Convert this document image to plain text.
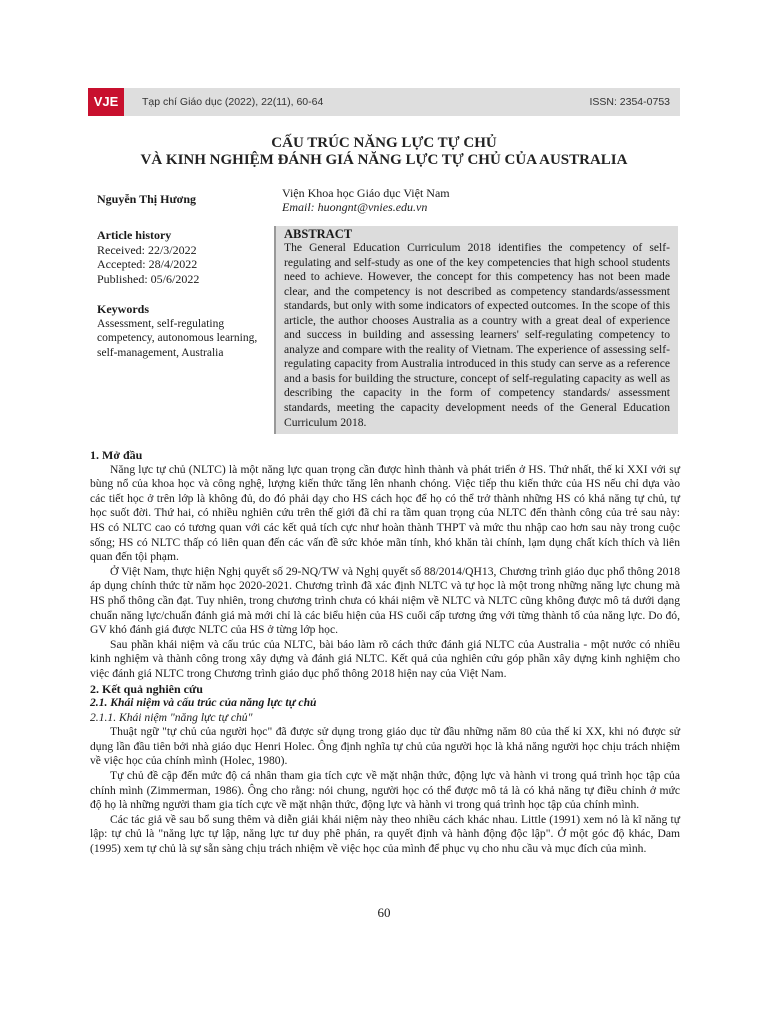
VJE	Tạp chí Giáo dục (2022), 22(11), 60-64	ISSN: 2354-0753
CẤU TRÚC NĂNG LỰC TỰ CHỦ
VÀ KINH NGHIỆM ĐÁNH GIÁ NĂNG LỰC TỰ CHỦ CỦA AUSTRALIA
Nguyễn Thị Hương	Viện Khoa học Giáo dục Việt Nam
Email: huongnt@vnies.edu.vn
Article history
Received: 22/3/2022
Accepted: 28/4/2022
Published: 05/6/2022
Keywords
Assessment, self-regulating competency, autonomous learning, self-management, Australia
ABSTRACT
The General Education Curriculum 2018 identifies the competency of self-regulating and self-study as one of the key competencies that high school students need to achieve. However, the concept for this competency has not been made clear, and the competency is not described as competency standards/assessment standards, but only with some indicators of expected outcomes. In the scope of this article, the author chooses Australia as a country with a great deal of experience and success in building and assessing learners' self-regulating competency to analyze and compare with the reality of Vietnam. The experience of assessing self-regulating capacity from Australia introduced in this study can serve as a reference and a basis for building the structure, concept of self-regulating capacity as well as describing the capacity in the form of competency standards/ assessment standards, meeting the capacity development needs of the General Education Curriculum 2018.

1. Mở đầu

Năng lực tự chủ (NLTC) là một năng lực quan trọng cần được hình thành và phát triển ở HS. Thứ nhất, thế kỉ XXI với sự bùng nổ của khoa học và công nghệ, lượng kiến thức tăng lên nhanh chóng. Việc tiếp thu kiến thức của HS nếu chỉ dựa vào các tiết học ở trên lớp là không đủ, do đó phải dạy cho HS cách học để họ có thể trở thành những HS có khả năng tự chủ, tự học suốt đời. Thứ hai, có nhiều nghiên cứu trên thế giới đã chỉ ra tầm quan trọng của NLTC đến thành công của trẻ sau này: HS có NLTC cao có tương quan với các kết quả tích cực như hoàn thành THPT và mức thu nhập cao hơn sau này trong cuộc sống; HS có NLTC thấp có liên quan đến các vấn đề sức khỏe mãn tính, khó khăn tài chính, lạm dụng chất kích thích và liên quan đến tội phạm.

Ở Việt Nam, thực hiện Nghị quyết số 29-NQ/TW và Nghị quyết số 88/2014/QH13, Chương trình giáo dục phổ thông 2018 áp dụng chính thức từ năm học 2020-2021. Chương trình đã xác định NLTC và tự học là một trong những năng lực chung mà HS phổ thông cần đạt. Tuy nhiên, trong chương trình chưa có khái niệm về NLTC và NLTC cũng không được mô tả dưới dạng chuẩn năng lực/chuẩn đánh giá mà mới chỉ là các biểu hiện của HS cuối cấp tương ứng với từng thành tố của năng lực. Do đó, GV khó đánh giá được NLTC của HS ở từng lớp học.

Sau phần khái niệm và cấu trúc của NLTC, bài báo làm rõ cách thức đánh giá NLTC của Australia - một nước có nhiều kinh nghiệm và thành công trong xây dựng và đánh giá NLTC. Kết quả của nghiên cứu góp phần xây dựng kinh nghiệm cho việc đánh giá NLTC trong Chương trình giáo dục phổ thông 2018 hiện nay của Việt Nam.

2. Kết quả nghiên cứu

2.1. Khái niệm và cấu trúc của năng lực tự chủ

2.1.1. Khái niệm "năng lực tự chủ"

Thuật ngữ "tự chủ của người học" đã được sử dụng trong giáo dục từ đầu những năm 80 của thế kỉ XX, khi nó được sử dụng lần đầu tiên bởi nhà giáo dục Henri Holec. Ông định nghĩa tự chủ của người học là khả năng người học chịu trách nhiệm về việc học của chính mình (Holec, 1980).

Tự chủ đề cập đến mức độ cá nhân tham gia tích cực về mặt nhận thức, động lực và hành vi trong quá trình học tập của chính mình (Zimmerman, 1986). Ông cho rằng: nói chung, người học có thể được mô tả là có khả năng tự điều chỉnh ở mức độ họ là những người tham gia tích cực về mặt nhận thức, động lực và hành vi trong quá trình học tập của chính mình.

Các tác giả về sau bổ sung thêm và diễn giải khái niệm này theo nhiều cách khác nhau. Little (1991) xem nó là kĩ năng tự lập: tự chủ là "năng lực tự lập, năng lực tư duy phê phán, ra quyết định và hành động độc lập". Ở một góc độ khác, Dam (1995) xem tự chủ là sự sẵn sàng chịu trách nhiệm về việc học của mình để phục vụ cho nhu cầu và mục đích của mình.

60
